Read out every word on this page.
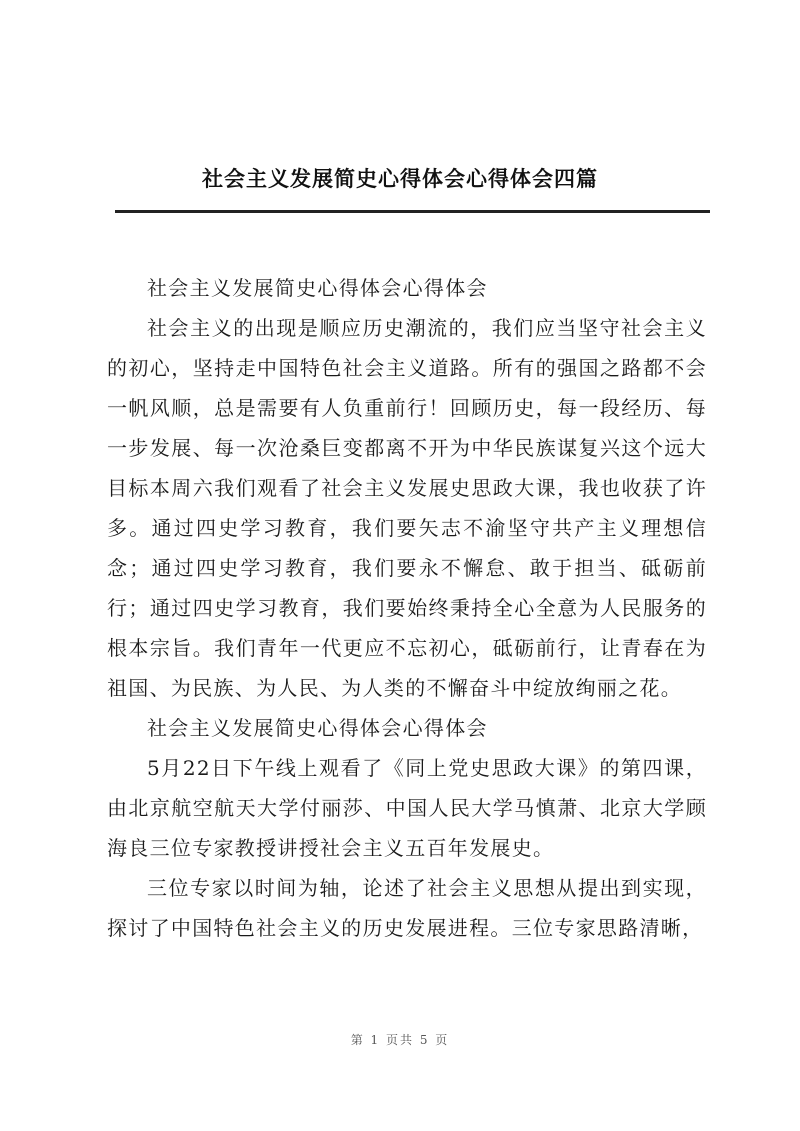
社会主义发展简史心得体会心得体会四篇

社会主义发展简史心得体会心得体会

社会主义的出现是顺应历史潮流的，我们应当坚守社会主义的初心，坚持走中国特色社会主义道路。所有的强国之路都不会一帆风顺，总是需要有人负重前行！回顾历史，每一段经历、每一步发展、每一次沧桑巨变都离不开为中华民族谋复兴这个远大目标本周六我们观看了社会主义发展史思政大课，我也收获了许多。通过四史学习教育，我们要矢志不渝坚守共产主义理想信念；通过四史学习教育，我们要永不懈怠、敢于担当、砥砺前行；通过四史学习教育，我们要始终秉持全心全意为人民服务的根本宗旨。我们青年一代更应不忘初心，砥砺前行，让青春在为祖国、为民族、为人民、为人类的不懈奋斗中绽放绚丽之花。

社会主义发展简史心得体会心得体会

5月22日下午线上观看了《同上党史思政大课》的第四课，由北京航空航天大学付丽莎、中国人民大学马慎萧、北京大学顾海良三位专家教授讲授社会主义五百年发展史。

三位专家以时间为轴，论述了社会主义思想从提出到实现，探讨了中国特色社会主义的历史发展进程。三位专家思路清晰，

第 1 页共 5 页
